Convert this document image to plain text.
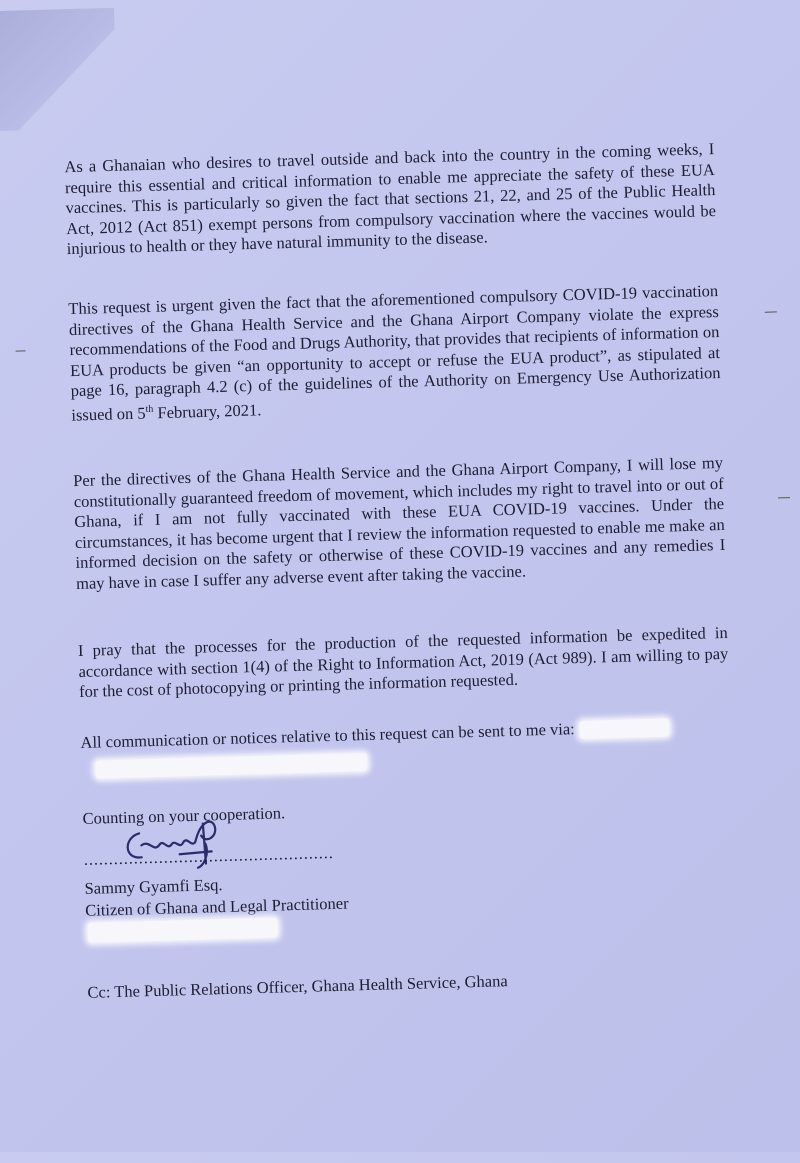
As a Ghanaian who desires to travel outside and back into the country in the coming weeks, I require this essential and critical information to enable me appreciate the safety of these EUA vaccines. This is particularly so given the fact that sections 21, 22, and 25 of the Public Health Act, 2012 (Act 851) exempt persons from compulsory vaccination where the vaccines would be injurious to health or they have natural immunity to the disease.

This request is urgent given the fact that the aforementioned compulsory COVID-19 vaccination directives of the Ghana Health Service and the Ghana Airport Company violate the express recommendations of the Food and Drugs Authority, that provides that recipients of information on EUA products be given “an opportunity to accept or refuse the EUA product”, as stipulated at page 16, paragraph 4.2 (c) of the guidelines of the Authority on Emergency Use Authorization issued on 5th February, 2021.

Per the directives of the Ghana Health Service and the Ghana Airport Company, I will lose my constitutionally guaranteed freedom of movement, which includes my right to travel into or out of Ghana, if I am not fully vaccinated with these EUA COVID-19 vaccines. Under the circumstances, it has become urgent that I review the information requested to enable me make an informed decision on the safety or otherwise of these COVID-19 vaccines and any remedies I may have in case I suffer any adverse event after taking the vaccine.

I pray that the processes for the production of the requested information be expedited in accordance with section 1(4) of the Right to Information Act, 2019 (Act 989). I am willing to pay for the cost of photocopying or printing the information requested.

All communication or notices relative to this request can be sent to me via:

Counting on your cooperation.
..................................................
Sammy Gyamfi Esq.
Citizen of Ghana and Legal Practitioner
Cc: The Public Relations Officer, Ghana Health Service, Ghana
